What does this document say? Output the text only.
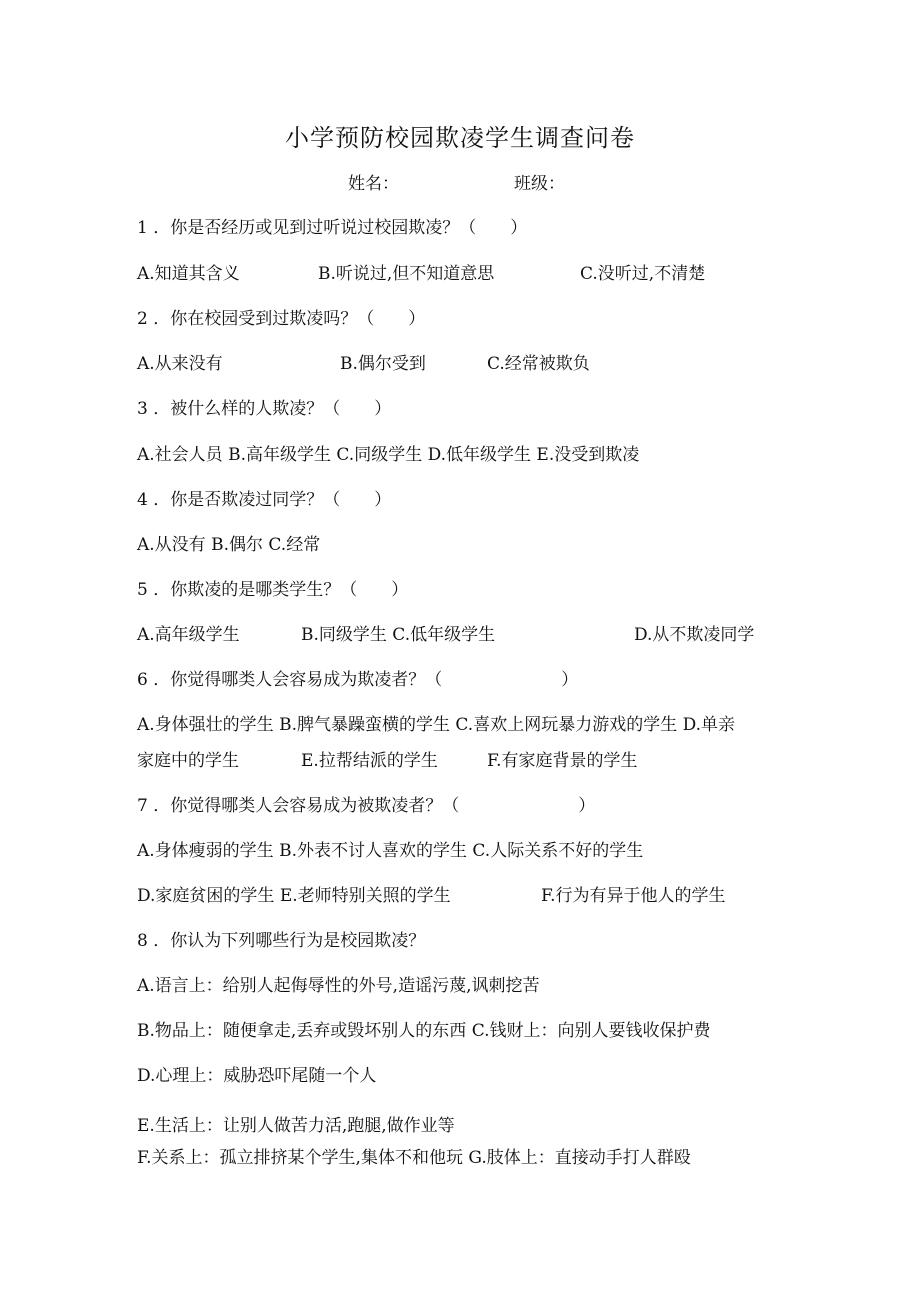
小学预防校园欺凌学生调查问卷
姓名：	班级：
1 ．你是否经历或见到过听说过校园欺凌？（　　）
A.知道其含义	B.听说过,但不知道意思	C.没听过,不清楚
2 ．你在校园受到过欺凌吗？（　　）
A.从来没有	B.偶尔受到	C.经常被欺负
3 ．被什么样的人欺凌？（　　）
A.社会人员 B.高年级学生 C.同级学生 D.低年级学生 E.没受到欺凌
4 ．你是否欺凌过同学？（　　）
A.从没有 B.偶尔 C.经常
5 ．你欺凌的是哪类学生？（　　）
A.高年级学生	B.同级学生 C.低年级学生	D.从不欺凌同学
6 ．你觉得哪类人会容易成为欺凌者？（　　　　　　　）
A.身体强壮的学生 B.脾气暴躁蛮横的学生 C.喜欢上网玩暴力游戏的学生 D.单亲
家庭中的学生	E.拉帮结派的学生	F.有家庭背景的学生
7 ．你觉得哪类人会容易成为被欺凌者？（　　　　　　　）
A.身体瘦弱的学生 B.外表不讨人喜欢的学生 C.人际关系不好的学生
D.家庭贫困的学生 E.老师特别关照的学生	F.行为有异于他人的学生
8 ．你认为下列哪些行为是校园欺凌？
A.语言上：给别人起侮辱性的外号,造谣污蔑,讽刺挖苦
B.物品上：随便拿走,丢弃或毁坏别人的东西 C.钱财上：向别人要钱收保护费
D.心理上：威胁恐吓尾随一个人
E.生活上：让别人做苦力活,跑腿,做作业等
F.关系上：孤立排挤某个学生,集体不和他玩 G.肢体上：直接动手打人群殴
